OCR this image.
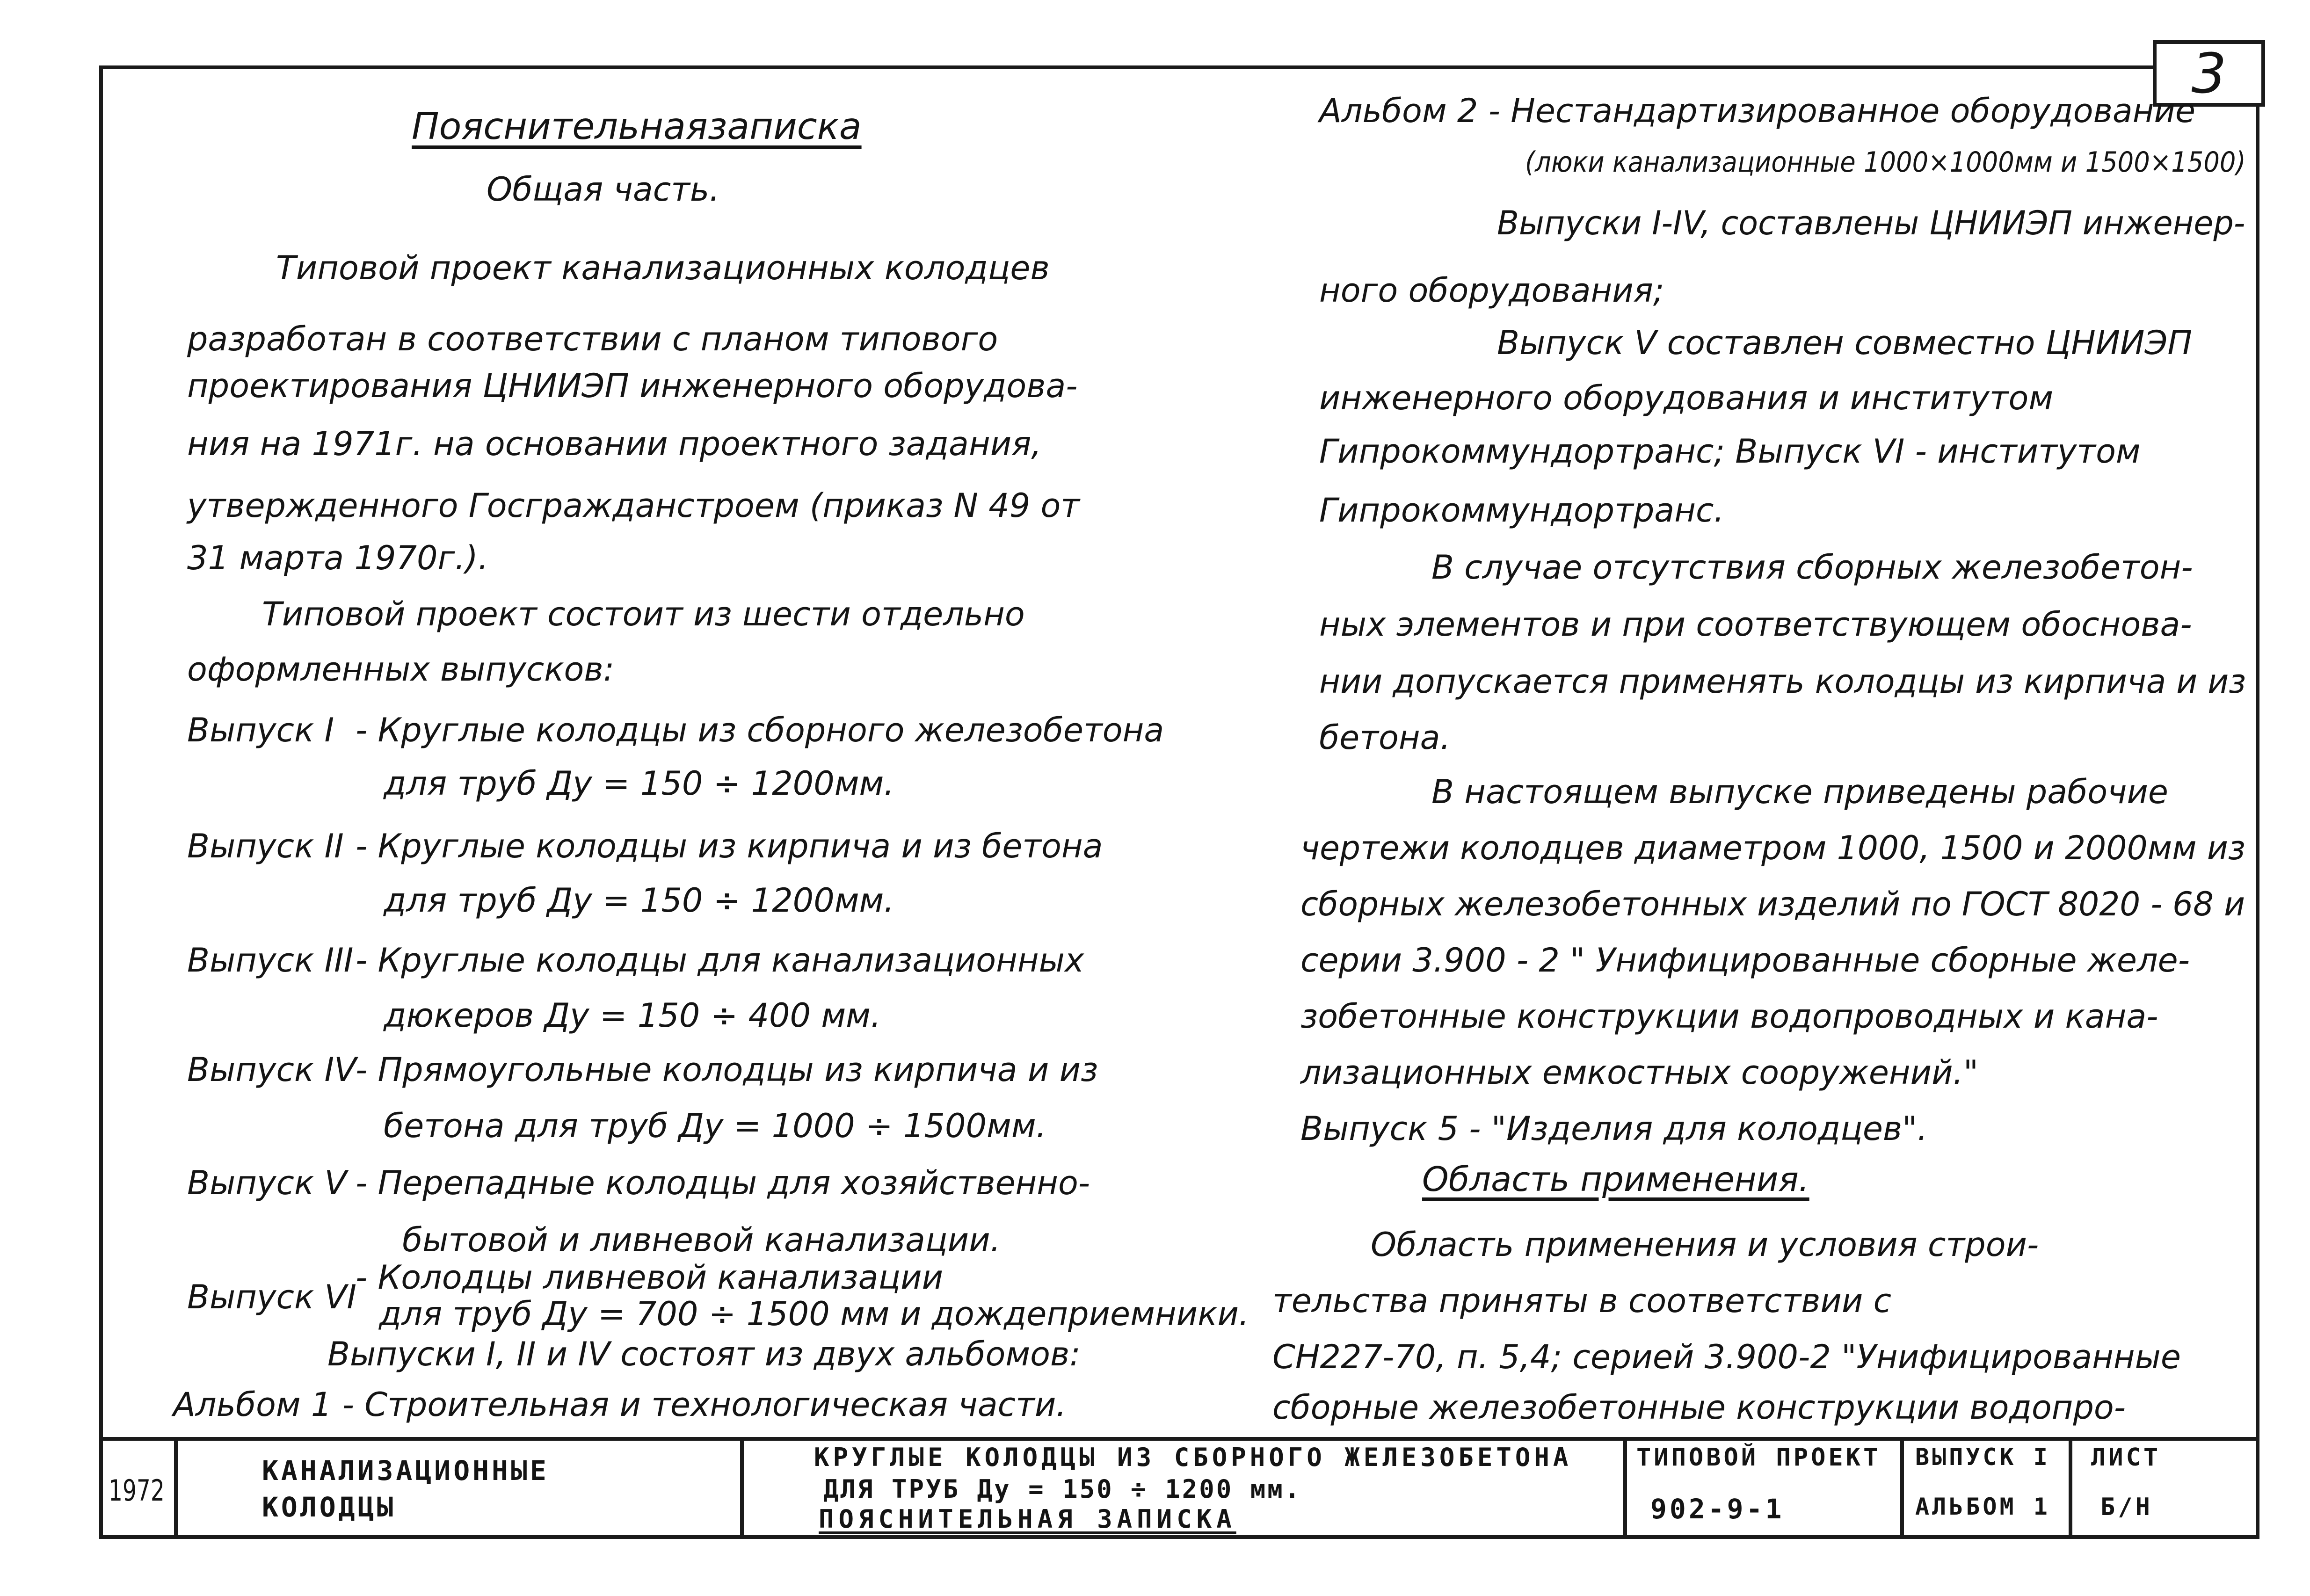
3
Пояснительнаязаписка
Общая часть.
Типовой проект канализационных колодцев
разработан в соответствии с планом типового
проектирования ЦНИИЭП инженерного оборудова-
ния на 1971г. на основании проектного задания,
утвержденного Госгражданстроем (приказ N 49 от
31 марта 1970г.).
Типовой проект состоит из шести отдельно
оформленных выпусков:
Выпуск I - Круглые колодцы из сборного железобетона
для труб Ду = 150 ÷ 1200мм.
Выпуск II - Круглые колодцы из кирпича и из бетона
для труб Ду = 150 ÷ 1200мм.
Выпуск III - Круглые колодцы для канализационных
дюкеров Ду = 150 ÷ 400 мм.
Выпуск IV
- Прямоугольные колодцы из кирпича и из
бетона для труб Ду = 1000 ÷ 1500мм.
Выпуск V - Перепадные колодцы для хозяйственно-
бытовой и ливневой канализации.
Выпуск VI
- Колодцы ливневой канализации
для труб Ду = 700 ÷ 1500 мм и дождеприемники.
Выпуски I, II и IV состоят из двух альбомов:
Альбом 1 - Строительная и технологическая части.
Альбом 2 - Нестандартизированное оборудование
(люки канализационные 1000×1000мм и 1500×1500)
Выпуски I-IV, составлены ЦНИИЭП инженер-
ного оборудования;
Выпуск V составлен совместно ЦНИИЭП
инженерного оборудования и институтом
Гипрокоммундортранс; Выпуск VI - институтом
Гипрокоммундортранс.
В случае отсутствия сборных железобетон-
ных элементов и при соответствующем обоснова-
нии допускается применять колодцы из кирпича и из
бетона.
В настоящем выпуске приведены рабочие
чертежи колодцев диаметром 1000, 1500 и 2000мм из
сборных железобетонных изделий по ГОСТ 8020 - 68 и
серии 3.900 - 2 " Унифицированные сборные желе-
зобетонные конструкции водопроводных и кана-
лизационных емкостных сооружений."
Выпуск 5 - "Изделия для колодцев".
Область применения.
Область применения и условия строи-
тельства приняты в соответствии с
СН227-70, п. 5,4; серией 3.900-2 "Унифицированные
сборные железобетонные конструкции водопро-
1972
КАНАЛИЗАЦИОННЫЕ
КОЛОДЦЫ
КРУГЛЫЕ КОЛОДЦЫ ИЗ СБОРНОГО ЖЕЛЕЗОБЕТОНА
ДЛЯ ТРУБ Ду = 150 ÷ 1200 мм.
ПОЯСНИТЕЛЬНАЯ ЗАПИСКА
ТИПОВОЙ ПРОЕКТ
902-9-1
ВЫПУСК I
АЛЬБОМ 1
ЛИСТ
Б/Н
